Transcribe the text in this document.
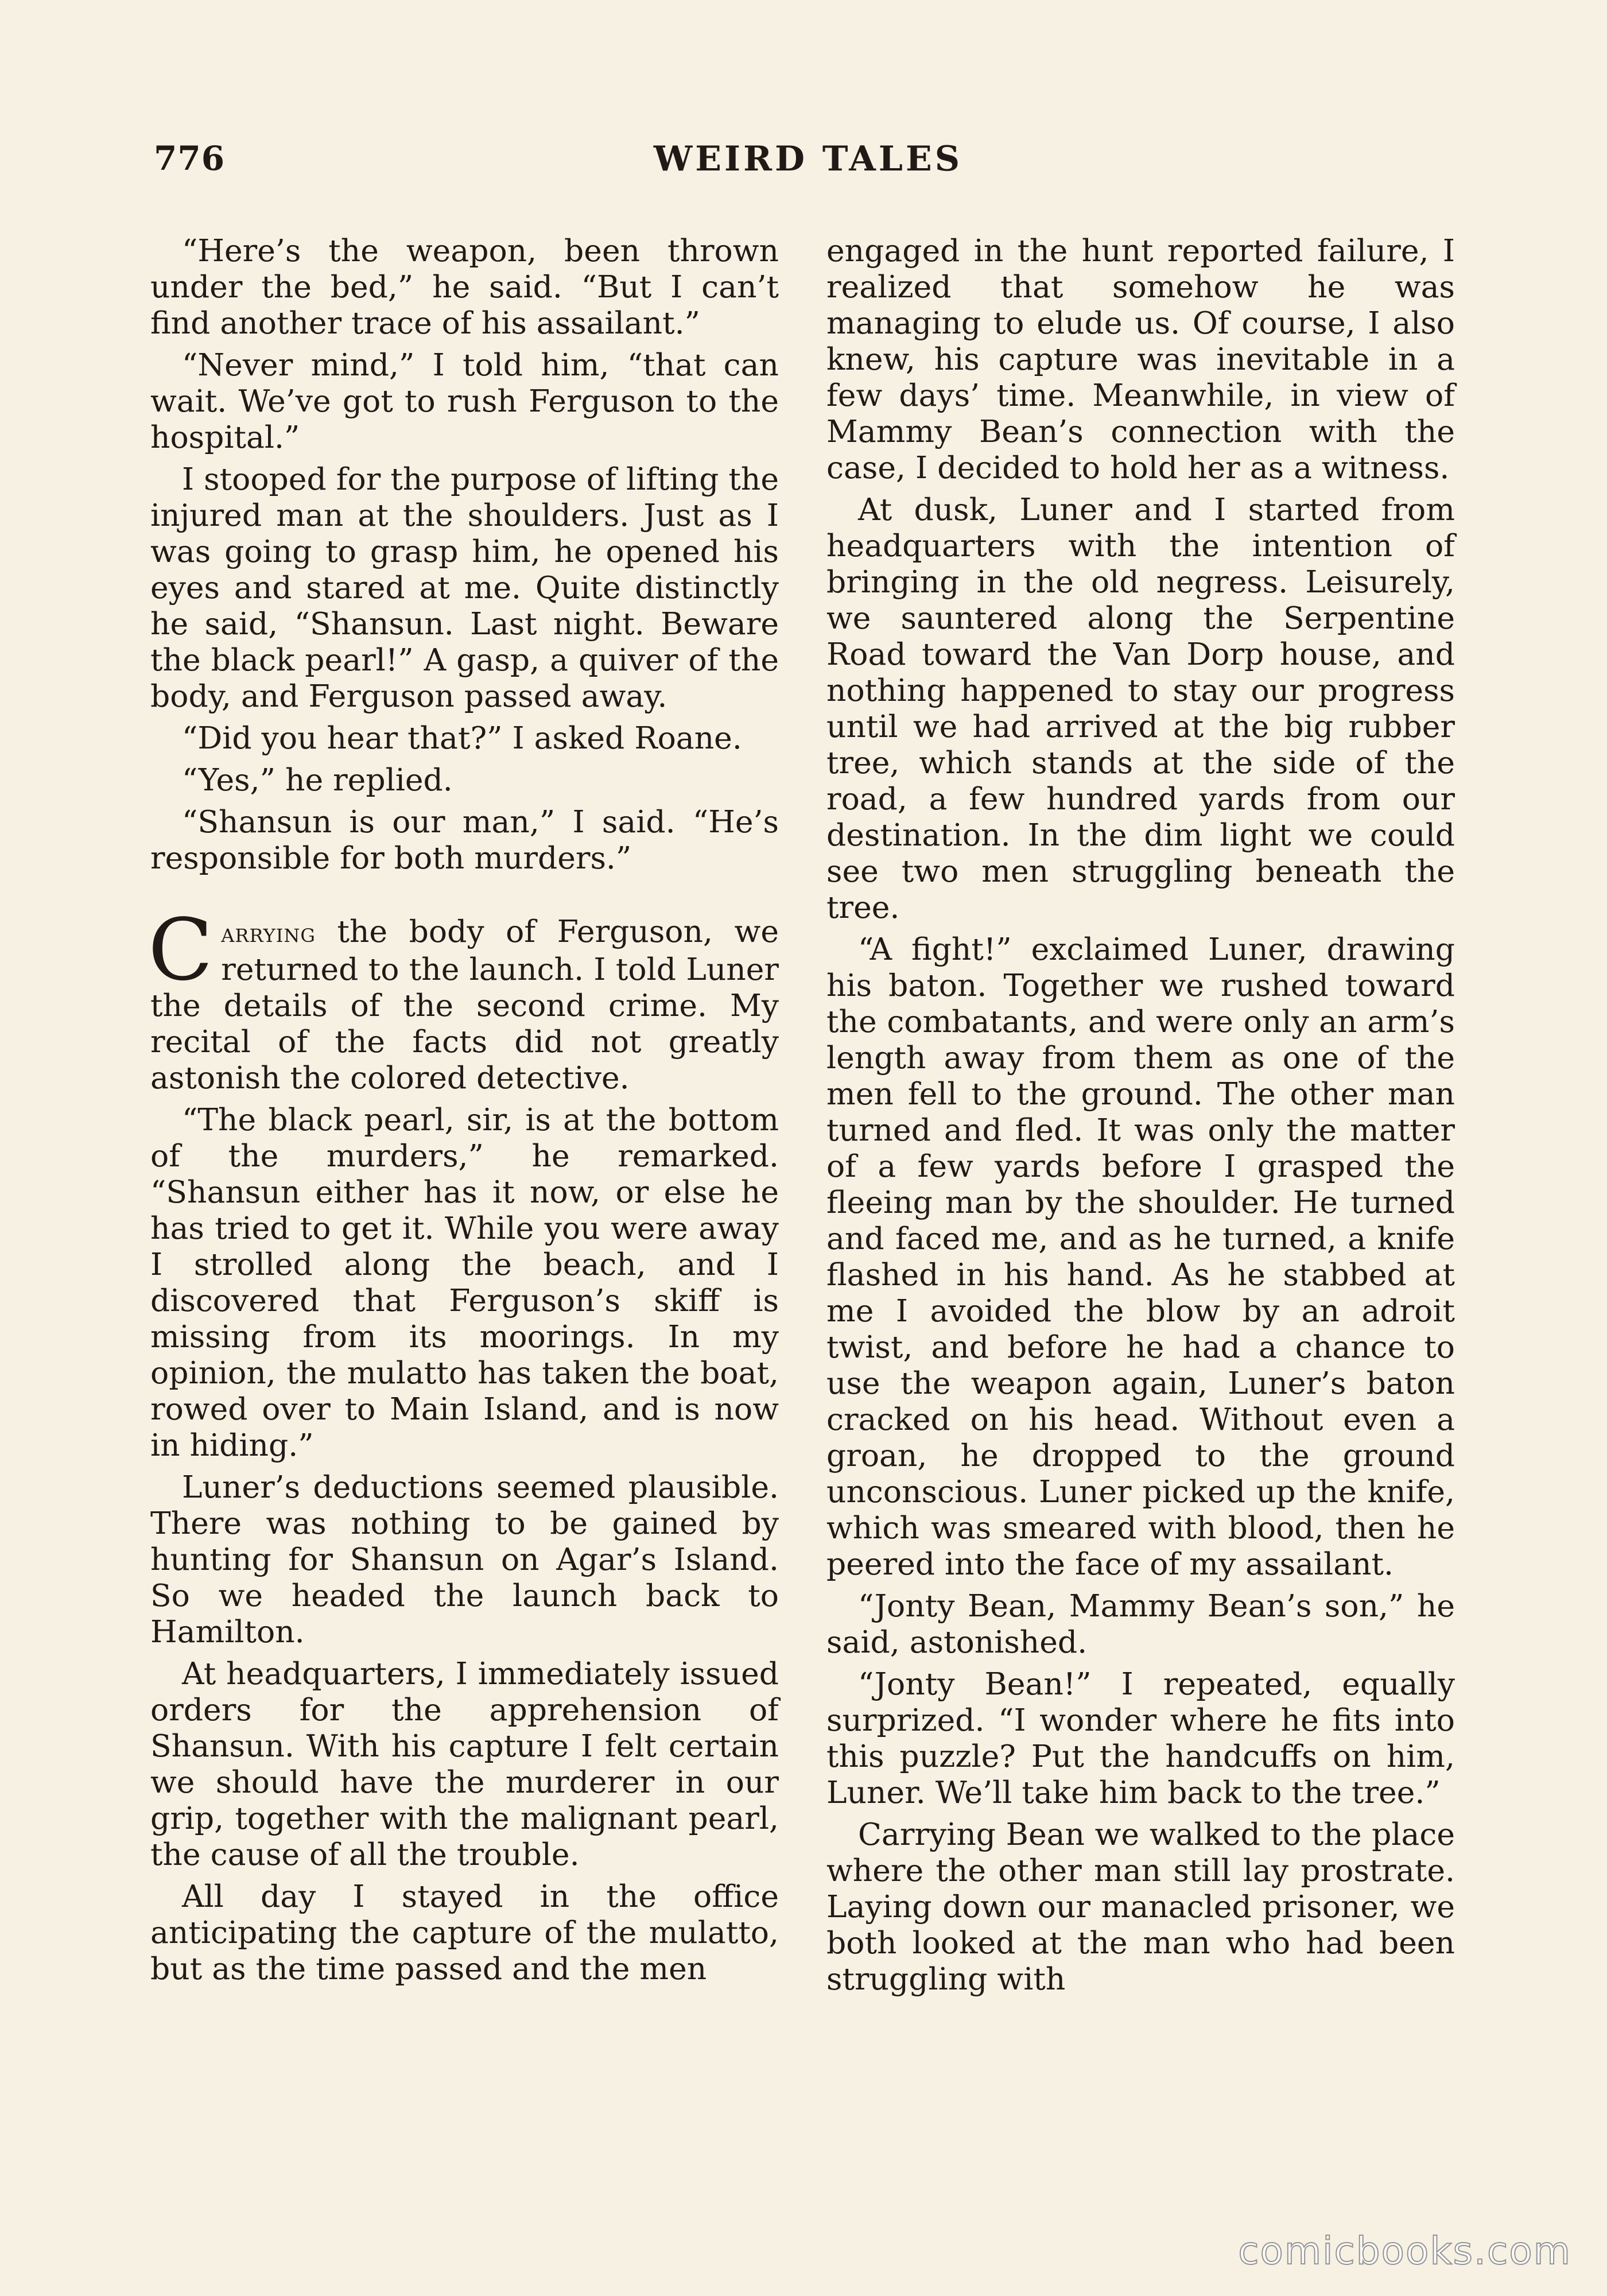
776	WEIRD TALES

“Here’s the weapon, been thrown under the bed,” he said. “But I can’t find another trace of his assailant.”

“Never mind,” I told him, “that can wait. We’ve got to rush Ferguson to the hospital.”

I stooped for the purpose of lifting the injured man at the shoulders. Just as I was going to grasp him, he opened his eyes and stared at me. Quite distinctly he said, “Shansun. Last night. Beware the black pearl!” A gasp, a quiver of the body, and Ferguson passed away.

“Did you hear that?” I asked Roane.

“Yes,” he replied.

“Shansun is our man,” I said. “He’s responsible for both murders.”

Carrying the body of Ferguson, we returned to the launch. I told Luner the details of the second crime. My recital of the facts did not greatly astonish the colored detective.

“The black pearl, sir, is at the bottom of the murders,” he remarked. “Shansun either has it now, or else he has tried to get it. While you were away I strolled along the beach, and I discovered that Ferguson’s skiff is missing from its moorings. In my opinion, the mulatto has taken the boat, rowed over to Main Island, and is now in hiding.”

Luner’s deductions seemed plausible. There was nothing to be gained by hunting for Shansun on Agar’s Island. So we headed the launch back to Hamilton.

At headquarters, I immediately issued orders for the apprehension of Shansun. With his capture I felt certain we should have the murderer in our grip, together with the malignant pearl, the cause of all the trouble.

All day I stayed in the office anticipating the capture of the mulatto, but as the time passed and the men

engaged in the hunt reported failure, I realized that somehow he was managing to elude us. Of course, I also knew, his capture was inevitable in a few days’ time. Meanwhile, in view of Mammy Bean’s connection with the case, I decided to hold her as a witness.

At dusk, Luner and I started from headquarters with the intention of bringing in the old negress. Leisurely, we sauntered along the Serpentine Road toward the Van Dorp house, and nothing happened to stay our progress until we had arrived at the big rubber tree, which stands at the side of the road, a few hundred yards from our destination. In the dim light we could see two men struggling beneath the tree.

“A fight!” exclaimed Luner, drawing his baton. Together we rushed toward the combatants, and were only an arm’s length away from them as one of the men fell to the ground. The other man turned and fled. It was only the matter of a few yards before I grasped the fleeing man by the shoulder. He turned and faced me, and as he turned, a knife flashed in his hand. As he stabbed at me I avoided the blow by an adroit twist, and before he had a chance to use the weapon again, Luner’s baton cracked on his head. Without even a groan, he dropped to the ground unconscious. Luner picked up the knife, which was smeared with blood, then he peered into the face of my assailant.

“Jonty Bean, Mammy Bean’s son,” he said, astonished.

“Jonty Bean!” I repeated, equally surprized. “I wonder where he fits into this puzzle? Put the handcuffs on him, Luner. We’ll take him back to the tree.”

Carrying Bean we walked to the place where the other man still lay prostrate. Laying down our manacled prisoner, we both looked at the man who had been struggling with

comicbooks.com
